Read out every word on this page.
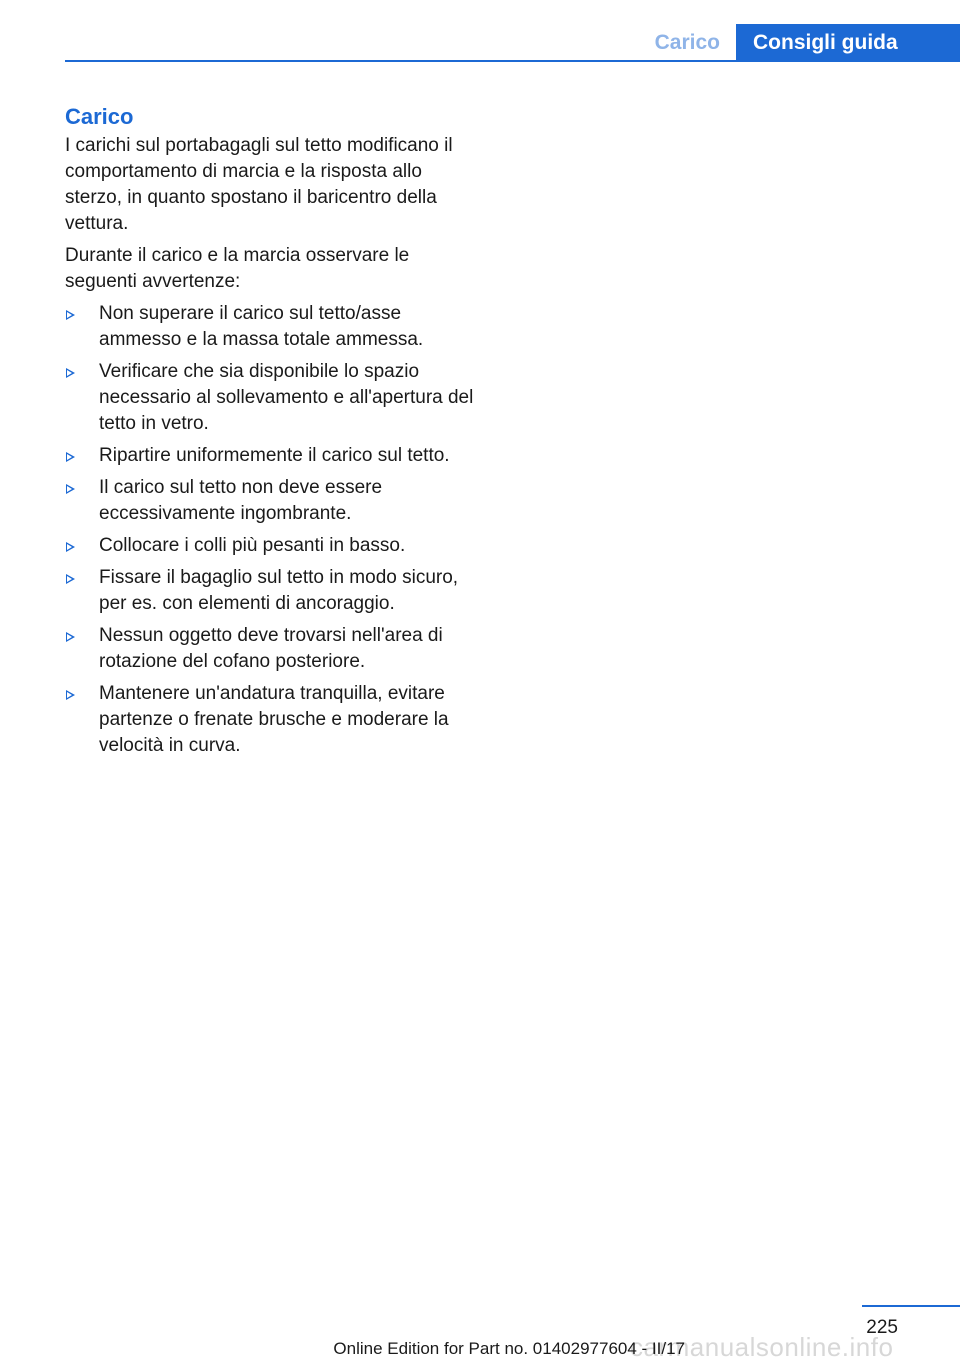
Carico	Consigli guida
Carico

I carichi sul portabagagli sul tetto modificano il comportamento di marcia e la risposta allo sterzo, in quanto spostano il baricentro della vettura.

Durante il carico e la marcia osservare le seguenti avvertenze:

Non superare il carico sul tetto/asse ammesso e la massa totale ammessa.
Verificare che sia disponibile lo spazio necessario al sollevamento e all'apertura del tetto in vetro.
Ripartire uniformemente il carico sul tetto.
Il carico sul tetto non deve essere eccessivamente ingombrante.
Collocare i colli più pesanti in basso.
Fissare il bagaglio sul tetto in modo sicuro, per es. con elementi di ancoraggio.
Nessun oggetto deve trovarsi nell'area di rotazione del cofano posteriore.
Mantenere un'andatura tranquilla, evitare partenze o frenate brusche e moderare la velocità in curva.
225
carmanualsonline.info
Online Edition for Part no. 01402977604 - II/17
